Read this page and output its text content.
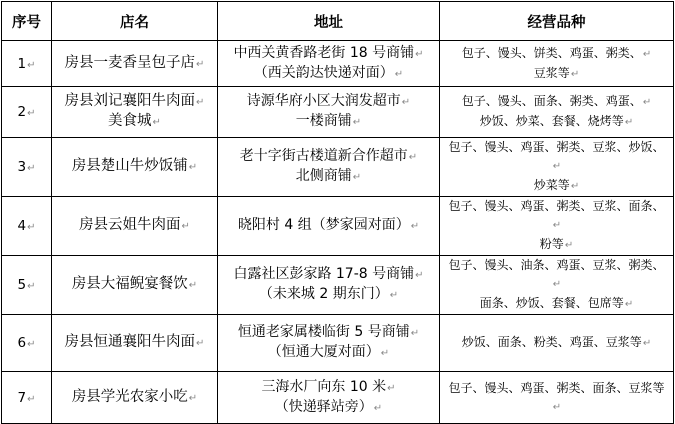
序号	店名	地址	经营品种
1 ↵	房县一麦香呈包子店 ↵	中西关黄香路老街 18 号商铺 ↵
（西关韵达快递对面） ↵	包子、馒头、饼类、鸡蛋、粥类、 ↵
豆浆等 ↵
2 ↵	房县刘记襄阳牛肉面 ↵
美食城 ↵	诗源华府小区大润发超市 ↵
一楼商铺 ↵	包子、馒头、面条、粥类、鸡蛋、 ↵
炒饭、炒菜、套餐、烧烤等 ↵
3 ↵	房县楚山牛炒饭铺 ↵	老十字街古楼道新合作超市 ↵
北侧商铺 ↵	包子、馒头、鸡蛋、粥类、豆浆、炒饭、 ↵
炒菜等 ↵
4 ↵	房县云姐牛肉面 ↵	晓阳村 4 组（梦家园对面） ↵	包子、馒头、鸡蛋、粥类、豆浆、面条、 ↵
粉等 ↵
5 ↵	房县大福鲵宴餐饮 ↵	白露社区彭家路 17-8 号商铺 ↵
（未来城 2 期东门） ↵	包子、馒头、油条、鸡蛋、豆浆、粥类、 ↵
面条、炒饭、套餐、包席等 ↵
6 ↵	房县恒通襄阳牛肉面 ↵	恒通老家属楼临街 5 号商铺 ↵
（恒通大厦对面） ↵	炒饭、面条、粉类、鸡蛋、豆浆等 ↵
7 ↵	房县学光农家小吃 ↵	三海水厂向东 10 米 ↵
（快递驿站旁） ↵	包子、馒头、鸡蛋、粥类、面条、豆浆等 ↵
